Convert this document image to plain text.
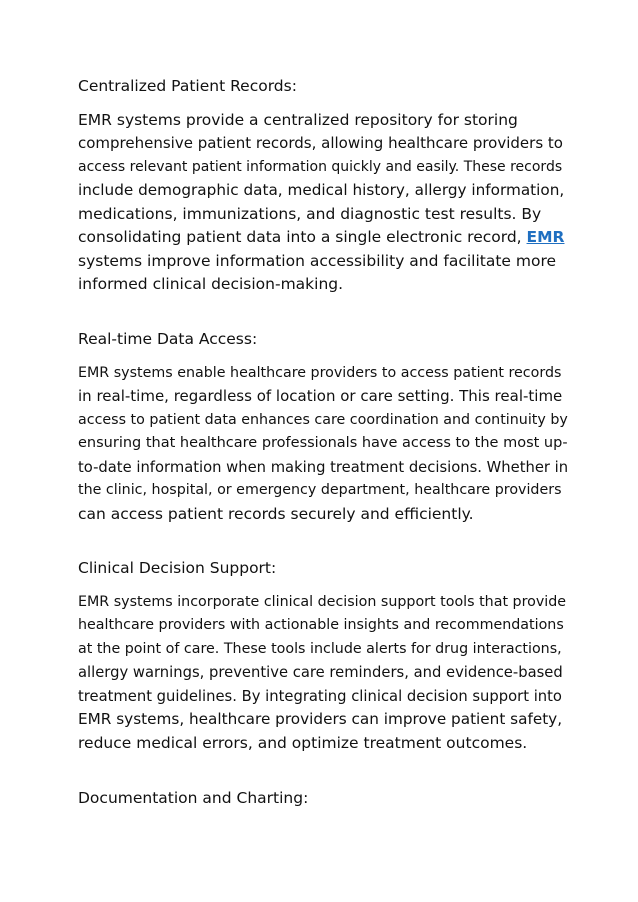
Centralized Patient Records:
EMR systems provide a centralized repository for storing
comprehensive patient records, allowing healthcare providers to
access relevant patient information quickly and easily. These records
include demographic data, medical history, allergy information,
medications, immunizations, and diagnostic test results. By
consolidating patient data into a single electronic record, EMR
systems improve information accessibility and facilitate more
informed clinical decision-making.
Real-time Data Access:
EMR systems enable healthcare providers to access patient records
in real-time, regardless of location or care setting. This real-time
access to patient data enhances care coordination and continuity by
ensuring that healthcare professionals have access to the most up-
to-date information when making treatment decisions. Whether in
the clinic, hospital, or emergency department, healthcare providers
can access patient records securely and efficiently.
Clinical Decision Support:
EMR systems incorporate clinical decision support tools that provide
healthcare providers with actionable insights and recommendations
at the point of care. These tools include alerts for drug interactions,
allergy warnings, preventive care reminders, and evidence-based
treatment guidelines. By integrating clinical decision support into
EMR systems, healthcare providers can improve patient safety,
reduce medical errors, and optimize treatment outcomes.
Documentation and Charting:
